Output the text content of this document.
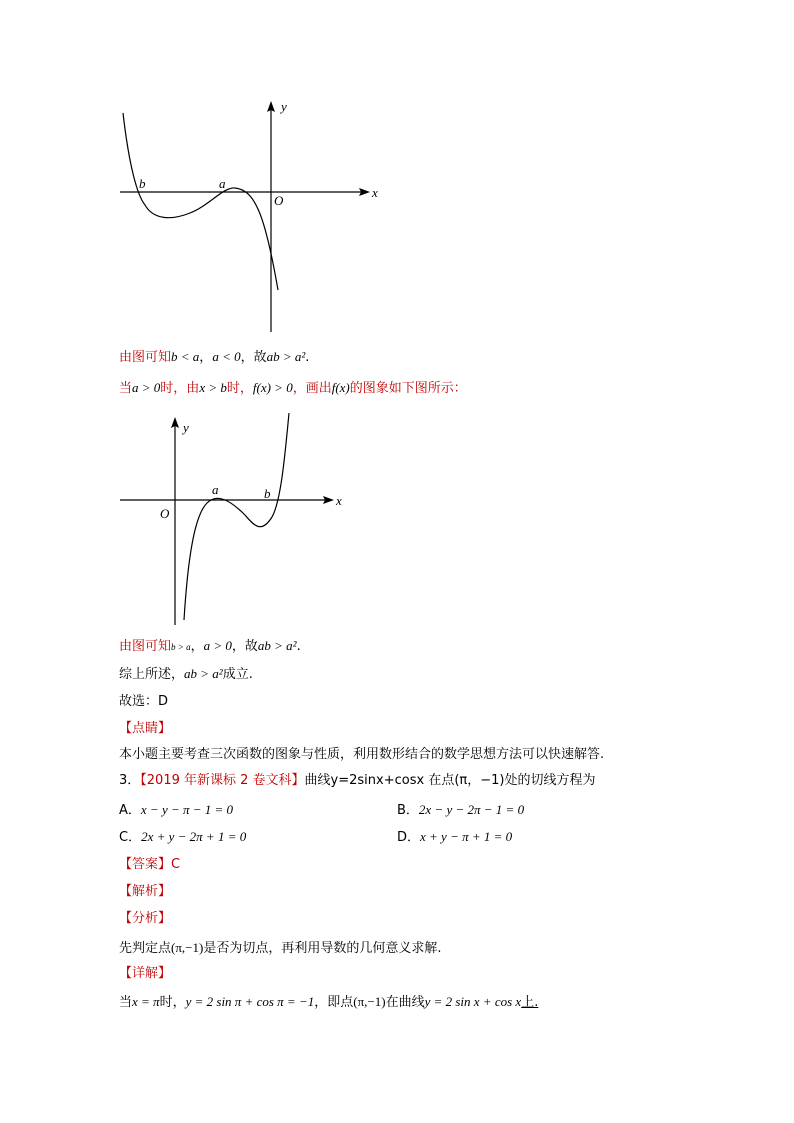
y
x
b	a
O
由图可知b < a，a < 0，故ab > a².
当a > 0时，由x > b时，f(x) > 0，画出f(x)的图象如下图所示：
y
x
a	b
O
由图可知b > a，a > 0，故ab > a².
综上所述，ab > a²成立.
故选：D
【点睛】
本小题主要考查三次函数的图象与性质，利用数形结合的数学思想方法可以快速解答.
3．【2019 年新课标 2 卷文科】曲线y=2sinx+cosx 在点(π，−1)处的切线方程为
A．x − y − π − 1 = 0	B．2x − y − 2π − 1 = 0
C．2x + y − 2π + 1 = 0	D．x + y − π + 1 = 0
【答案】C
【解析】
【分析】
先判定点(π,−1)是否为切点，再利用导数的几何意义求解.
【详解】
当x = π时，y = 2 sin π + cos π = −1，即点(π,−1)在曲线y = 2 sin x + cos x上.
